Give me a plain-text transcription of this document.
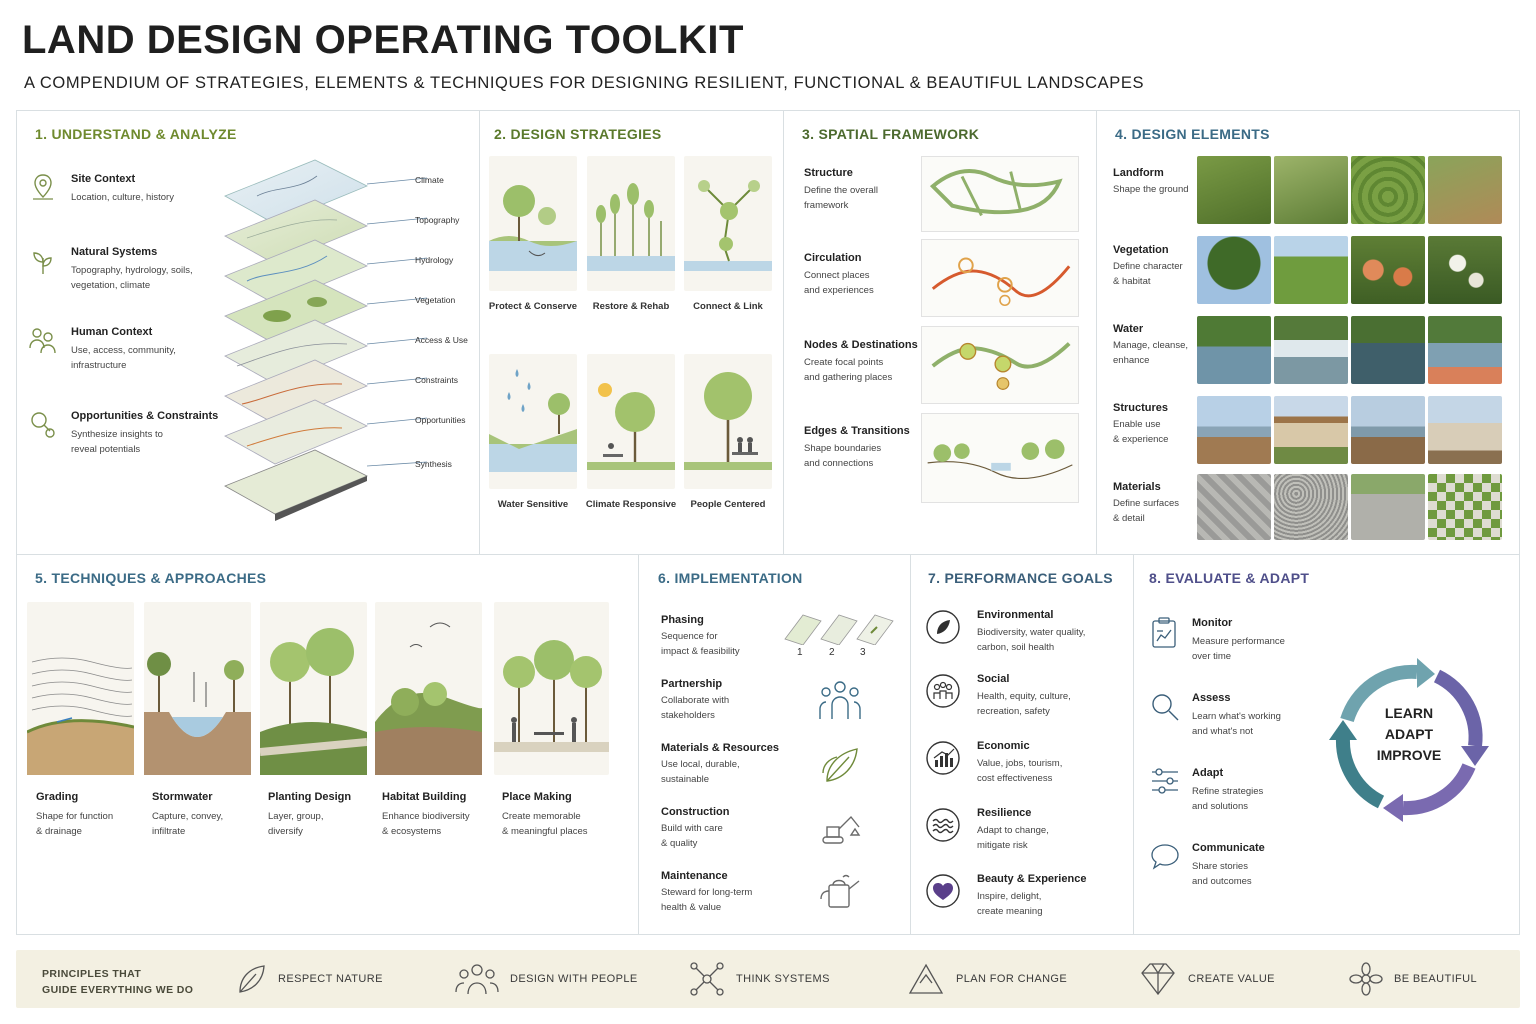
LAND DESIGN OPERATING TOOLKIT
A COMPENDIUM OF STRATEGIES, ELEMENTS & TECHNIQUES FOR DESIGNING RESILIENT, FUNCTIONAL & BEAUTIFUL LANDSCAPES
1. UNDERSTAND & ANALYZE
Site Context
Location, culture, history
Natural Systems
Topography, hydrology, soils,
vegetation, climate
Human Context
Use, access, community,
infrastructure
Opportunities & Constraints
Synthesize insights to
reveal potentials
Climate
Topography
Hydrology
Vegetation
Access & Use
Constraints
Opportunities
Synthesis
2. DESIGN STRATEGIES
Protect & Conserve	Restore & Rehab	Connect & Link
Water Sensitive	Climate Responsive	People Centered
3. SPATIAL FRAMEWORK
Structure
Define the overall
framework
Circulation
Connect places
and experiences
Nodes & Destinations
Create focal points
and gathering places
Edges & Transitions
Shape boundaries
and connections
4. DESIGN ELEMENTS
Landform
Shape the ground
Vegetation
Define character
& habitat
Water
Manage, cleanse,
enhance
Structures
Enable use
& experience
Materials
Define surfaces
& detail
5. TECHNIQUES & APPROACHES
Grading
Shape for function
& drainage
Stormwater
Capture, convey,
infiltrate
Planting Design
Layer, group,
diversify
Habitat Building
Enhance biodiversity
& ecosystems
Place Making
Create memorable
& meaningful places
6. IMPLEMENTATION
Phasing
Sequence for
impact & feasibility	1	2	3
Partnership
Collaborate with
stakeholders
Materials & Resources
Use local, durable,
sustainable
Construction
Build with care
& quality
Maintenance
Steward for long-term
health & value
7. PERFORMANCE GOALS
Environmental
Biodiversity, water quality,
carbon, soil health
Social
Health, equity, culture,
recreation, safety
Economic
Value, jobs, tourism,
cost effectiveness
Resilience
Adapt to change,
mitigate risk
Beauty & Experience
Inspire, delight,
create meaning
8. EVALUATE & ADAPT
Monitor
Measure performance
over time
Assess
Learn what's working
and what's not
Adapt
Refine strategies
and solutions
Communicate
Share stories
and outcomes
LEARN
ADAPT
IMPROVE
PRINCIPLES THAT
GUIDE EVERYTHING WE DO
RESPECT NATURE	DESIGN WITH PEOPLE	THINK SYSTEMS	PLAN FOR CHANGE	CREATE VALUE	BE BEAUTIFUL
